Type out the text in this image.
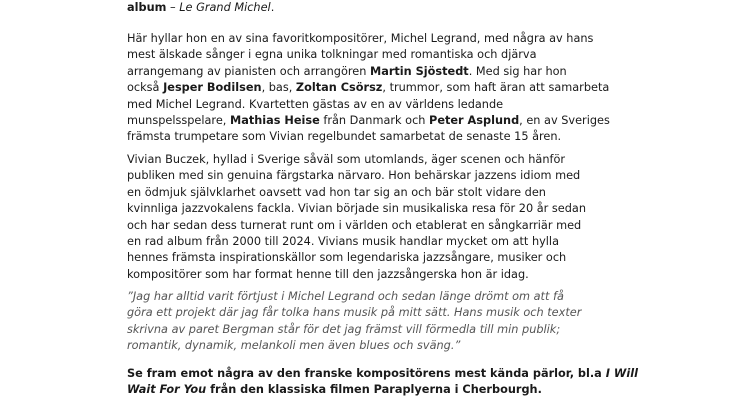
album – Le Grand Michel.

Här hyllar hon en av sina favoritkompositörer, Michel Legrand, med några av hans
mest älskade sånger i egna unika tolkningar med romantiska och djärva
arrangemang av pianisten och arrangören Martin Sjöstedt. Med sig har hon
också Jesper Bodilsen, bas, Zoltan Csörsz, trummor, som haft äran att samarbeta
med Michel Legrand. Kvartetten gästas av en av världens ledande
munspelsspelare, Mathias Heise från Danmark och Peter Asplund, en av Sveriges
främsta trumpetare som Vivian regelbundet samarbetat de senaste 15 åren.

Vivian Buczek, hyllad i Sverige såväl som utomlands, äger scenen och hänför
publiken med sin genuina färgstarka närvaro. Hon behärskar jazzens idiom med
en ödmjuk självklarhet oavsett vad hon tar sig an och bär stolt vidare den
kvinnliga jazzvokalens fackla. Vivian började sin musikaliska resa för 20 år sedan
och har sedan dess turnerat runt om i världen och etablerat en sångkarriär med
en rad album från 2000 till 2024. Vivians musik handlar mycket om att hylla
hennes främsta inspirationskällor som legendariska jazzsångare, musiker och
kompositörer som har format henne till den jazzsångerska hon är idag.

”Jag har alltid varit förtjust i Michel Legrand och sedan länge drömt om att få
göra ett projekt där jag får tolka hans musik på mitt sätt. Hans musik och texter
skrivna av paret Bergman står för det jag främst vill förmedla till min publik;
romantik, dynamik, melankoli men även blues och sväng.”

Se fram emot några av den franske kompositörens mest kända pärlor, bl.a I Will
Wait For You från den klassiska filmen Paraplyerna i Cherbourgh.
